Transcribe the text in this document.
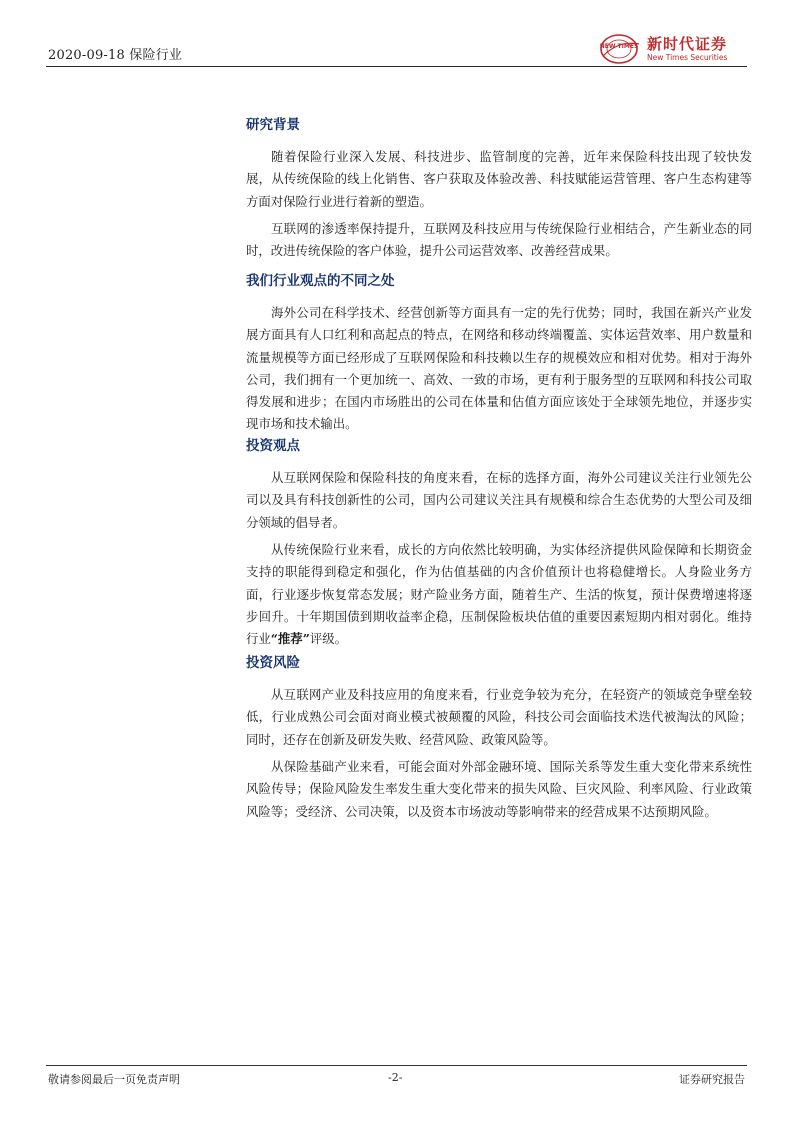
2020-09-18 保险行业
NEW TIMES 新时代证券
New Times Securities
研究背景

随着保险行业深入发展、科技进步、监管制度的完善，近年来保险科技出现了较快发展，从传统保险的线上化销售、客户获取及体验改善、科技赋能运营管理、客户生态构建等方面对保险行业进行着新的塑造。

互联网的渗透率保持提升，互联网及科技应用与传统保险行业相结合，产生新业态的同时，改进传统保险的客户体验，提升公司运营效率、改善经营成果。

我们行业观点的不同之处

海外公司在科学技术、经营创新等方面具有一定的先行优势；同时，我国在新兴产业发展方面具有人口红利和高起点的特点，在网络和移动终端覆盖、实体运营效率、用户数量和流量规模等方面已经形成了互联网保险和科技赖以生存的规模效应和相对优势。相对于海外公司，我们拥有一个更加统一、高效、一致的市场，更有利于服务型的互联网和科技公司取得发展和进步；在国内市场胜出的公司在体量和估值方面应该处于全球领先地位，并逐步实现市场和技术输出。

投资观点

从互联网保险和保险科技的角度来看，在标的选择方面，海外公司建议关注行业领先公司以及具有科技创新性的公司，国内公司建议关注具有规模和综合生态优势的大型公司及细分领域的倡导者。

从传统保险行业来看，成长的方向依然比较明确，为实体经济提供风险保障和长期资金支持的职能得到稳定和强化，作为估值基础的内含价值预计也将稳健增长。人身险业务方面，行业逐步恢复常态发展；财产险业务方面，随着生产、生活的恢复，预计保费增速将逐步回升。十年期国债到期收益率企稳，压制保险板块估值的重要因素短期内相对弱化。维持行业“推荐”评级。

投资风险

从互联网产业及科技应用的角度来看，行业竞争较为充分，在轻资产的领域竞争壁垒较低，行业成熟公司会面对商业模式被颠覆的风险，科技公司会面临技术迭代被淘汰的风险；同时，还存在创新及研发失败、经营风险、政策风险等。

从保险基础产业来看，可能会面对外部金融环境、国际关系等发生重大变化带来系统性风险传导；保险风险发生率发生重大变化带来的损失风险、巨灾风险、利率风险、行业政策风险等；受经济、公司决策，以及资本市场波动等影响带来的经营成果不达预期风险。

敬请参阅最后一页免责声明	-2-	证券研究报告
